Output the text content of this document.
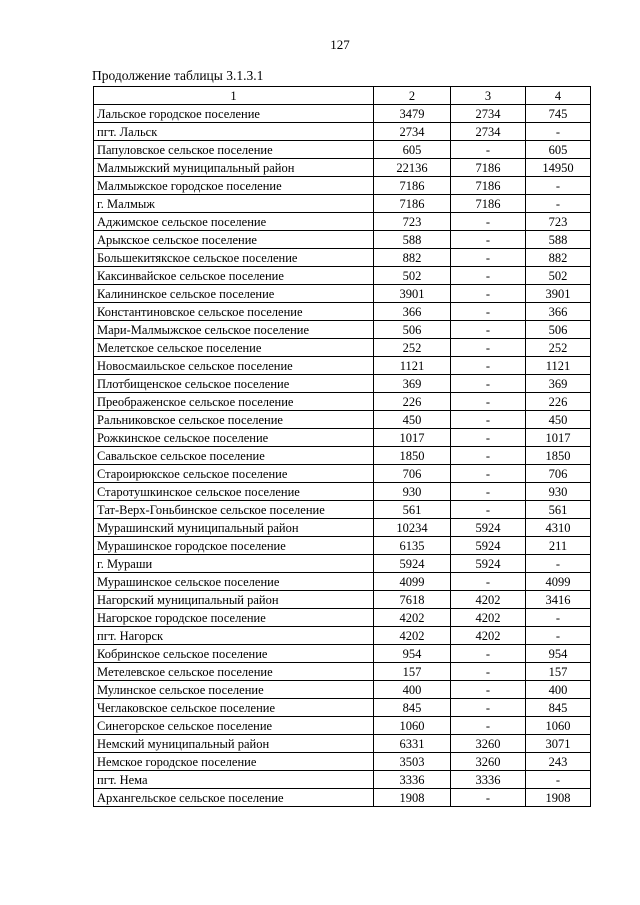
127
Продолжение таблицы 3.1.3.1
1	2	3	4
Лальское городское поселение	3479	2734	745
пгт. Лальск	2734	2734	-
Папуловское сельское поселение	605	-	605
Малмыжский муниципальный район	22136	7186	14950
Малмыжское городское поселение	7186	7186	-
г. Малмыж	7186	7186	-
Аджимское сельское поселение	723	-	723
Арыкское сельское поселение	588	-	588
Большекитякское сельское поселение	882	-	882
Каксинвайское сельское поселение	502	-	502
Калининское сельское поселение	3901	-	3901
Константиновское сельское поселение	366	-	366
Мари-Малмыжское сельское поселение	506	-	506
Мелетское сельское поселение	252	-	252
Новосмаильское сельское поселение	1121	-	1121
Плотбищенское сельское поселение	369	-	369
Преображенское сельское поселение	226	-	226
Ральниковское сельское поселение	450	-	450
Рожкинское сельское поселение	1017	-	1017
Савальское сельское поселение	1850	-	1850
Староирюкское сельское поселение	706	-	706
Старотушкинское сельское поселение	930	-	930
Тат-Верх-Гоньбинское сельское поселение	561	-	561
Мурашинский муниципальный район	10234	5924	4310
Мурашинское городское поселение	6135	5924	211
г. Мураши	5924	5924	-
Мурашинское сельское поселение	4099	-	4099
Нагорский муниципальный район	7618	4202	3416
Нагорское городское поселение	4202	4202	-
пгт. Нагорск	4202	4202	-
Кобринское сельское поселение	954	-	954
Метелевское сельское поселение	157	-	157
Мулинское сельское поселение	400	-	400
Чеглаковское сельское поселение	845	-	845
Синегорское сельское поселение	1060	-	1060
Немский муниципальный район	6331	3260	3071
Немское городское поселение	3503	3260	243
пгт. Нема	3336	3336	-
Архангельское сельское поселение	1908	-	1908
